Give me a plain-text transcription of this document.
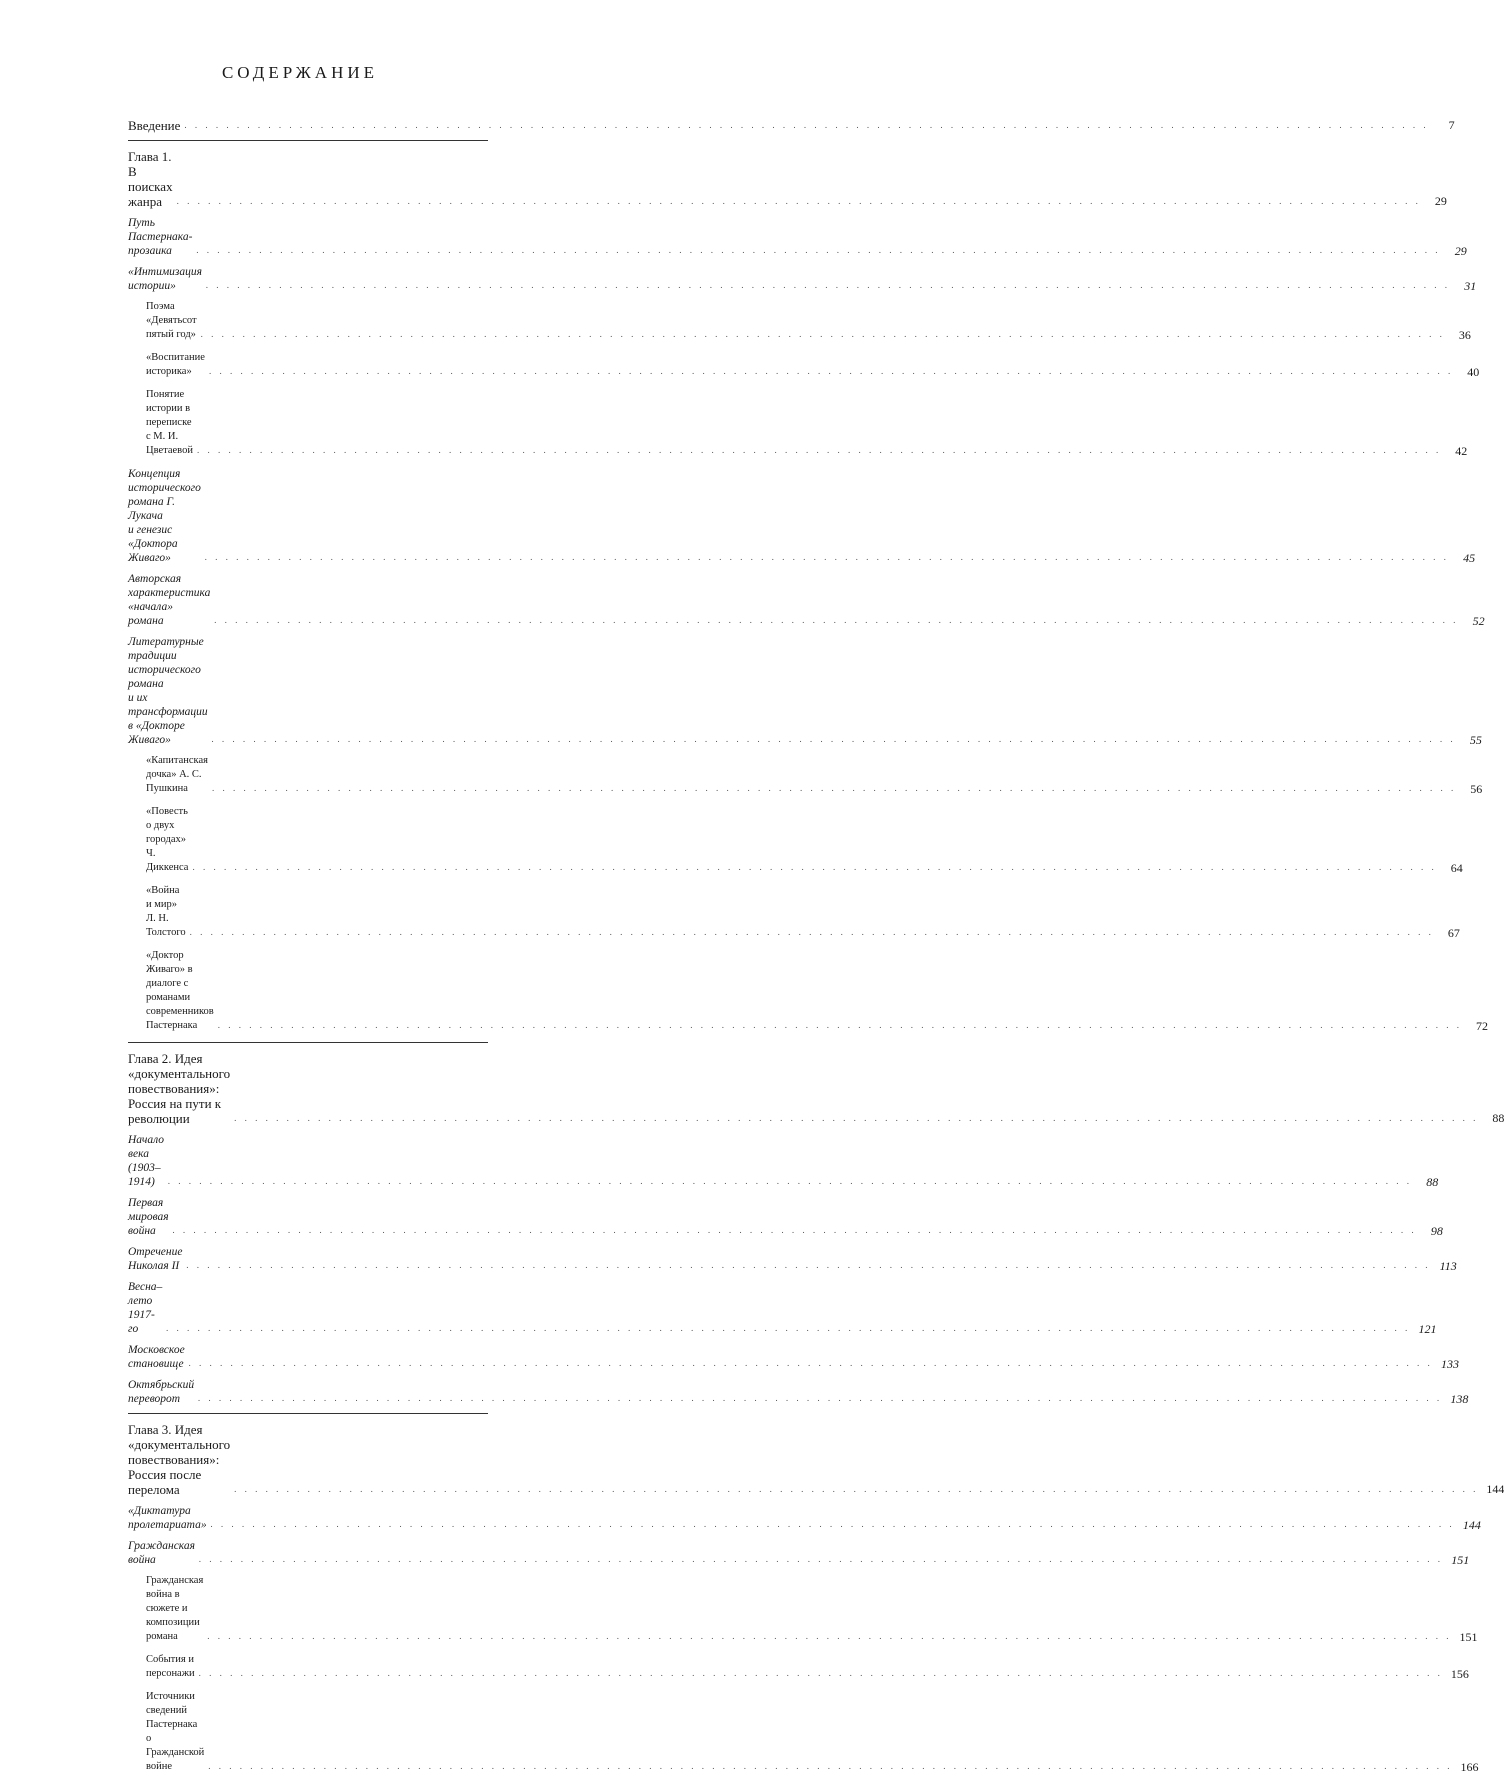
СОДЕРЖАНИЕ
Введение . . .	7
Глава 1. В поисках жанра . . .	29
Путь Пастернака-прозаика . . .	29
«Интимизация истории» . . .	31
Поэма «Девятьсот пятый год» . . .	36
«Воспитание историка» . . .	40
Понятие истории в переписке с М. И. Цветаевой . . .	42
Концепция исторического романа Г. Лукача
и генезис «Доктора Живаго» . . .	45
Авторская характеристика «начала» романа . . .	52
Литературные традиции исторического романа
и их трансформации в «Докторе Живаго» . . .	55
«Капитанская дочка» А. С. Пушкина . . .	56
«Повесть о двух городах» Ч. Диккенса . . .	64
«Война и мир» Л. Н. Толстого . . .	67
«Доктор Живаго» в диалоге с романами
современников Пастернака . . .	72
Глава 2. Идея «документального повествования»:
Россия на пути к революции . . .	88
Начало века (1903–1914) . . .	88
Первая мировая война . . .	98
Отречение Николая II . . .	113
Весна–лето 1917-го . . .	121
Московское становище . . .	133
Октябрьский переворот . . .	138
Глава 3. Идея «документального повествования»:
Россия после перелома . . .	144
«Диктатура пролетариата» . . .	144
Гражданская война . . .	151
Гражданская война в сюжете и композиции романа . . .	151
События и персонажи . . .	156
Источники сведений Пастернака о Гражданской войне . . .	166
